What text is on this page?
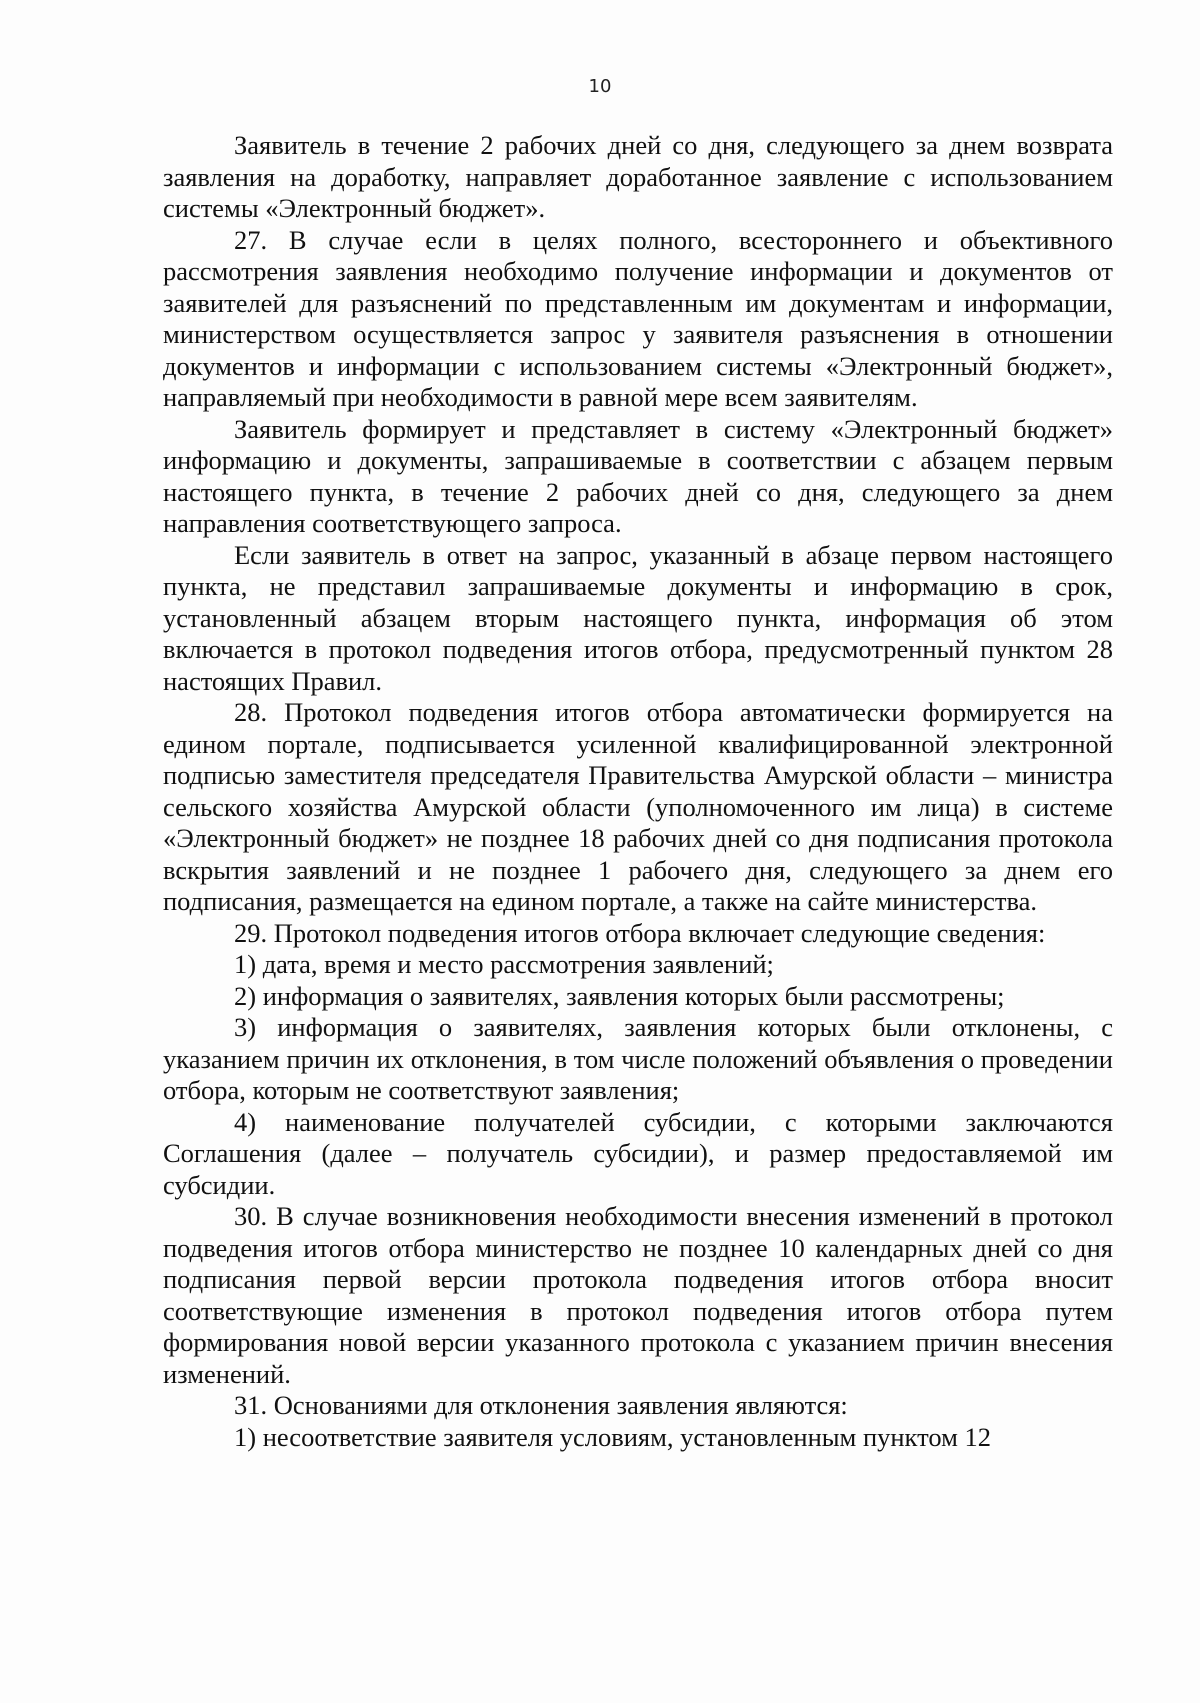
10

Заявитель в течение 2 рабочих дней со дня, следующего за днем возврата заявления на доработку, направляет доработанное заявление с использованием системы «Электронный бюджет».

27. В случае если в целях полного, всестороннего и объективного рассмотрения заявления необходимо получение информации и документов от заявителей для разъяснений по представленным им документам и информации, министерством осуществляется запрос у заявителя разъяснения в отношении документов и информации с использованием системы «Электронный бюджет», направляемый при необходимости в равной мере всем заявителям.

Заявитель формирует и представляет в систему «Электронный бюджет» информацию и документы, запрашиваемые в соответствии с абзацем первым настоящего пункта, в течение 2 рабочих дней со дня, следующего за днем направления соответствующего запроса.

Если заявитель в ответ на запрос, указанный в абзаце первом настоящего пункта, не представил запрашиваемые документы и информацию в срок, установленный абзацем вторым настоящего пункта, информация об этом включается в протокол подведения итогов отбора, предусмотренный пунктом 28 настоящих Правил.

28. Протокол подведения итогов отбора автоматически формируется на едином портале, подписывается усиленной квалифицированной электронной подписью заместителя председателя Правительства Амурской области – министра сельского хозяйства Амурской области (уполномоченного им лица) в системе «Электронный бюджет» не позднее 18 рабочих дней со дня подписания протокола вскрытия заявлений и не позднее 1 рабочего дня, следующего за днем его подписания, размещается на едином портале, а также на сайте министерства.

29. Протокол подведения итогов отбора включает следующие сведения:

1) дата, время и место рассмотрения заявлений;

2) информация о заявителях, заявления которых были рассмотрены;

3) информация о заявителях, заявления которых были отклонены, с указанием причин их отклонения, в том числе положений объявления о проведении отбора, которым не соответствуют заявления;

4) наименование получателей субсидии, с которыми заключаются Соглашения (далее – получатель субсидии), и размер предоставляемой им субсидии.

30. В случае возникновения необходимости внесения изменений в протокол подведения итогов отбора министерство не позднее 10 календарных дней со дня подписания первой версии протокола подведения итогов отбора вносит соответствующие изменения в протокол подведения итогов отбора путем формирования новой версии указанного протокола с указанием причин внесения изменений.

31. Основаниями для отклонения заявления являются:

1) несоответствие заявителя условиям, установленным пунктом 12
